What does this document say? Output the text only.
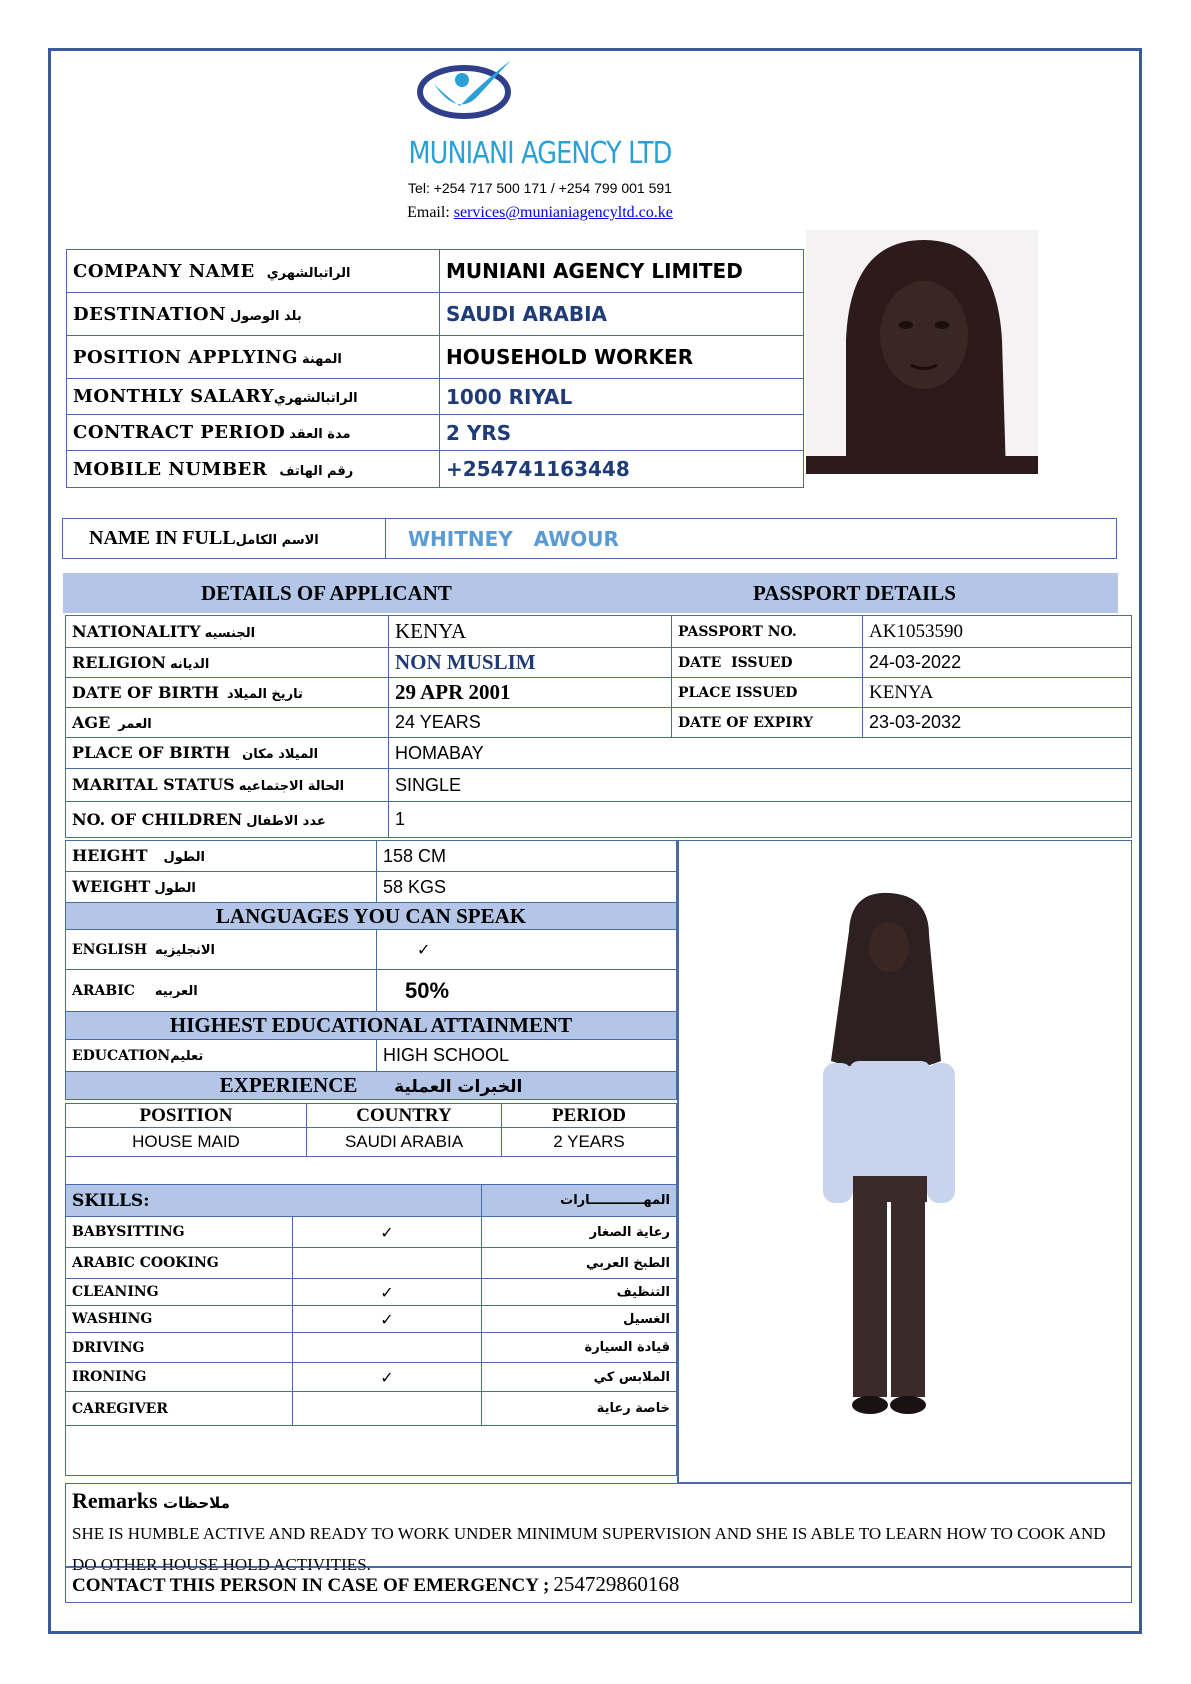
MUNIANI AGENCY LTD
Tel: +254 717 500 171 / +254 799 001 591
Email: services@munianiagencyltd.co.ke
COMPANY NAME الراتبالشهري	MUNIANI AGENCY LIMITED
DESTINATION بلد الوصول	SAUDI ARABIA
POSITION APPLYING المهنة	HOUSEHOLD WORKER
MONTHLY SALARYالراتبالشهري	1000 RIYAL
CONTRACT PERIOD مدة العقد	2 YRS
MOBILE NUMBER رقم الهاتف	+254741163448
NAME IN FULLالاسم الكامل	WHITNEY   AWOUR
DETAILS OF APPLICANT	PASSPORT DETAILS
NATIONALITY الجنسيه	KENYA	PASSPORT NO.	AK1053590
RELIGION الديانه	NON MUSLIM	DATE  ISSUED	24-03-2022
DATE OF BIRTH تاريخ الميلاد	29 APR 2001	PLACE ISSUED	KENYA
AGE العمر	24 YEARS	DATE OF EXPIRY	23-03-2032
PLACE OF BIRTH الميلاد مكان	HOMABAY		
MARITAL STATUS الحالة الاجتماعيه	SINGLE		
NO. OF CHILDREN عدد الاطفال	1		
HEIGHT الطول	158 CM
WEIGHT الطول	58 KGS
LANGUAGES YOU CAN SPEAK	
ENGLISH الانجليزيه	✓
ARABIC العربيه	50%
HIGHEST EDUCATIONAL ATTAINMENT	
EDUCATIONتعليم	HIGH SCHOOL
EXPERIENCE الخبرات العملية	
POSITION	COUNTRY	PERIOD
HOUSE MAID	SAUDI ARABIA	2 YEARS

SKILLS:		المهــــــــــــارات
BABYSITTING	✓	رعاية الصغار
ARABIC COOKING		الطبخ العربي
CLEANING	✓	التنظيف
WASHING	✓	الغسيل
DRIVING		قيادة السيارة
IRONING	✓	الملابس كي
CAREGIVER		خاصة رعاية

Remarks ملاحظات
SHE IS HUMBLE ACTIVE AND READY TO WORK UNDER MINIMUM SUPERVISION AND SHE IS ABLE TO LEARN HOW TO COOK AND DO OTHER HOUSE HOLD ACTIVITIES.
CONTACT THIS PERSON IN CASE OF EMERGENCY ; 254729860168
